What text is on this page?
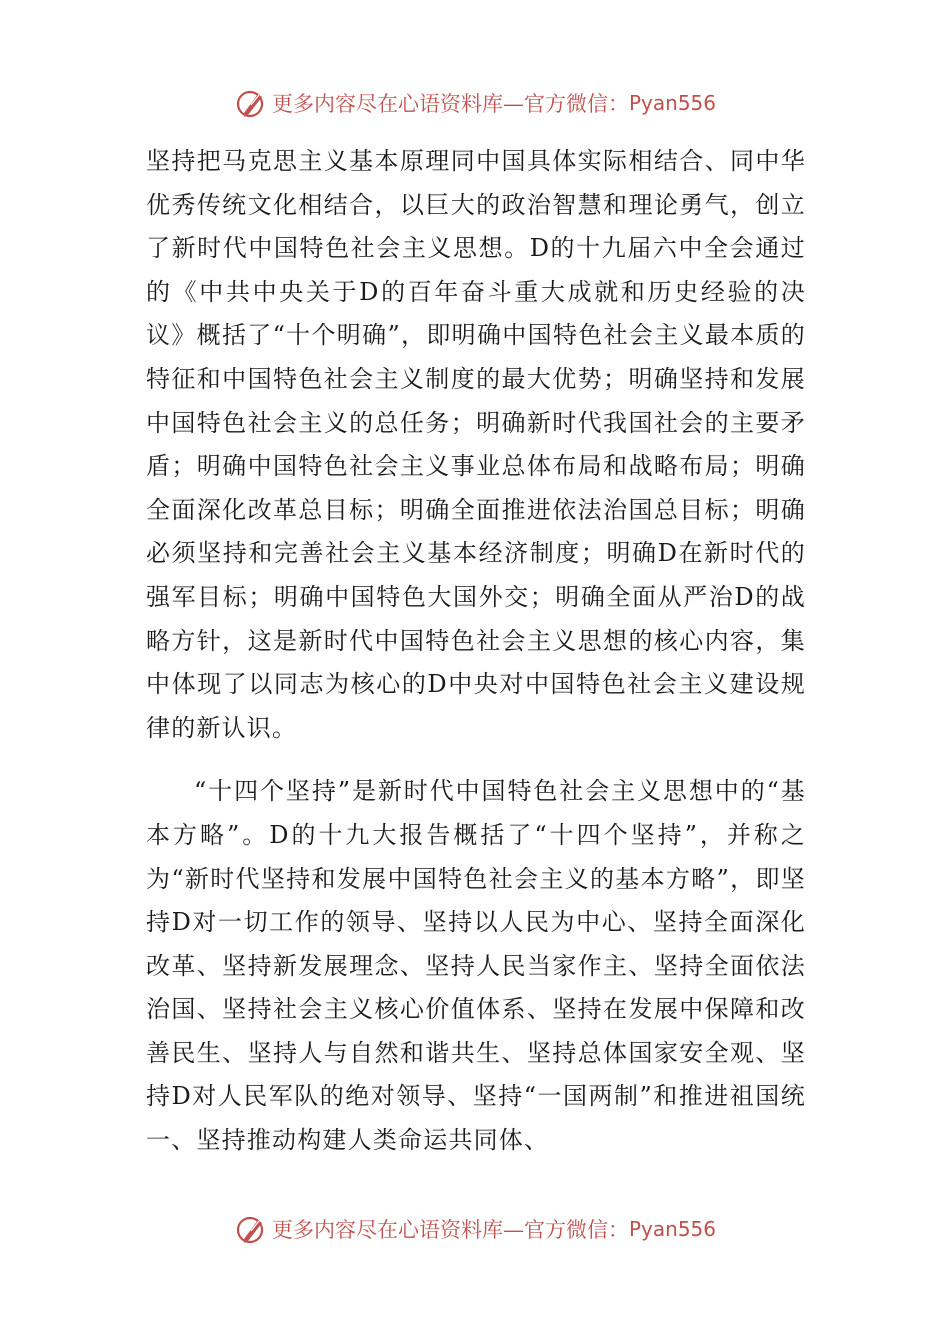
更多内容尽在心语资料库—官方微信： Pyan556

坚持把马克思主义基本原理同中国具体实际相结合、同中华优秀传统文化相结合，以巨大的政治智慧和理论勇气，创立了新时代中国特色社会主义思想。D的十九届六中全会通过的《中共中央关于D的百年奋斗重大成就和历史经验的决议》概括了“十个明确”，即明确中国特色社会主义最本质的特征和中国特色社会主义制度的最大优势；明确坚持和发展中国特色社会主义的总任务；明确新时代我国社会的主要矛盾；明确中国特色社会主义事业总体布局和战略布局；明确全面深化改革总目标；明确全面推进依法治国总目标；明确必须坚持和完善社会主义基本经济制度；明确D在新时代的强军目标；明确中国特色大国外交；明确全面从严治D的战略方针，这是新时代中国特色社会主义思想的核心内容，集中体现了以同志为核心的D中央对中国特色社会主义建设规律的新认识。

“十四个坚持”是新时代中国特色社会主义思想中的“基本方略”。D的十九大报告概括了“十四个坚持”，并称之为“新时代坚持和发展中国特色社会主义的基本方略”，即坚持D对一切工作的领导、坚持以人民为中心、坚持全面深化改革、坚持新发展理念、坚持人民当家作主、坚持全面依法治国、坚持社会主义核心价值体系、坚持在发展中保障和改善民生、坚持人与自然和谐共生、坚持总体国家安全观、坚持D对人民军队的绝对领导、坚持“一国两制”和推进祖国统一、坚持推动构建人类命运共同体、

更多内容尽在心语资料库—官方微信： Pyan556
